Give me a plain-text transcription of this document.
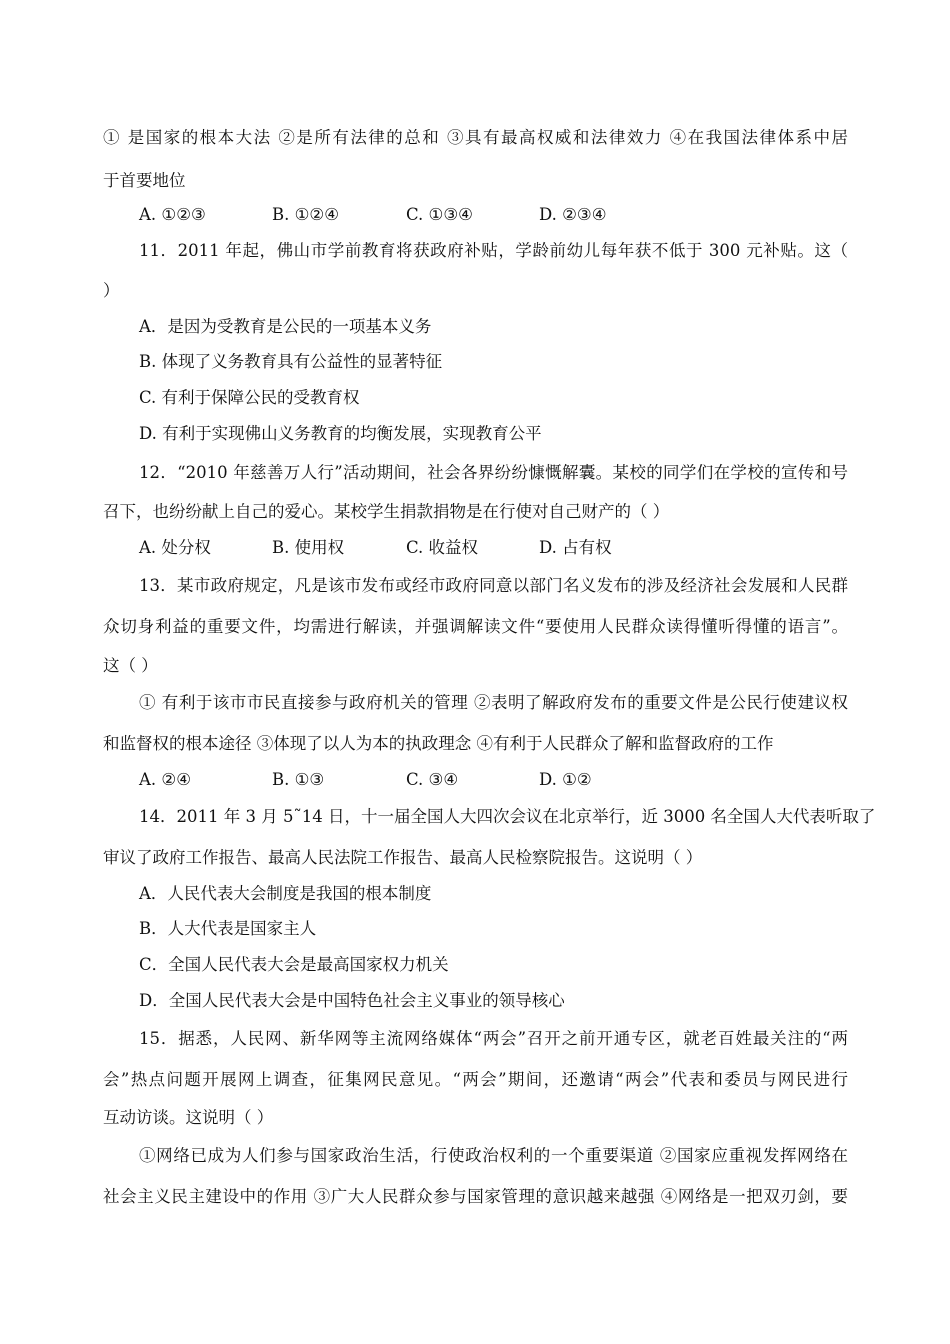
① 是国家的根本大法 ②是所有法律的总和 ③具有最高权威和法律效力 ④在我国法律体系中居
于首要地位
A. ①②③	B. ①②④	C. ①③④	D. ②③④
11．2011 年起，佛山市学前教育将获政府补贴，学龄前幼儿每年获不低于 300 元补贴。这（
）
A．是因为受教育是公民的一项基本义务
B. 体现了义务教育具有公益性的显著特征
C. 有利于保障公民的受教育权
D. 有利于实现佛山义务教育的均衡发展，实现教育公平
12．“2010 年慈善万人行”活动期间，社会各界纷纷慷慨解囊。某校的同学们在学校的宣传和号
召下，也纷纷献上自己的爱心。某校学生捐款捐物是在行使对自己财产的（ ）
A. 处分权	B. 使用权	C. 收益权	D. 占有权
13．某市政府规定，凡是该市发布或经市政府同意以部门名义发布的涉及经济社会发展和人民群
众切身利益的重要文件，均需进行解读，并强调解读文件“要使用人民群众读得懂听得懂的语言”。
这（ ）
① 有利于该市市民直接参与政府机关的管理 ②表明了解政府发布的重要文件是公民行使建议权
和监督权的根本途径 ③体现了以人为本的执政理念 ④有利于人民群众了解和监督政府的工作
A. ②④	B. ①③	C. ③④	D. ①②
14．2011 年 3 月 5˜14 日，十一届全国人大四次会议在北京举行，近 3000 名全国人大代表听取了
审议了政府工作报告、最高人民法院工作报告、最高人民检察院报告。这说明（ ）
A．人民代表大会制度是我国的根本制度
B．人大代表是国家主人
C．全国人民代表大会是最高国家权力机关
D．全国人民代表大会是中国特色社会主义事业的领导核心
15．据悉，人民网、新华网等主流网络媒体“两会”召开之前开通专区，就老百姓最关注的“两
会”热点问题开展网上调查，征集网民意见。“两会”期间，还邀请“两会”代表和委员与网民进行
互动访谈。这说明（ ）
①网络已成为人们参与国家政治生活，行使政治权利的一个重要渠道 ②国家应重视发挥网络在
社会主义民主建设中的作用 ③广大人民群众参与国家管理的意识越来越强 ④网络是一把双刃剑，要
